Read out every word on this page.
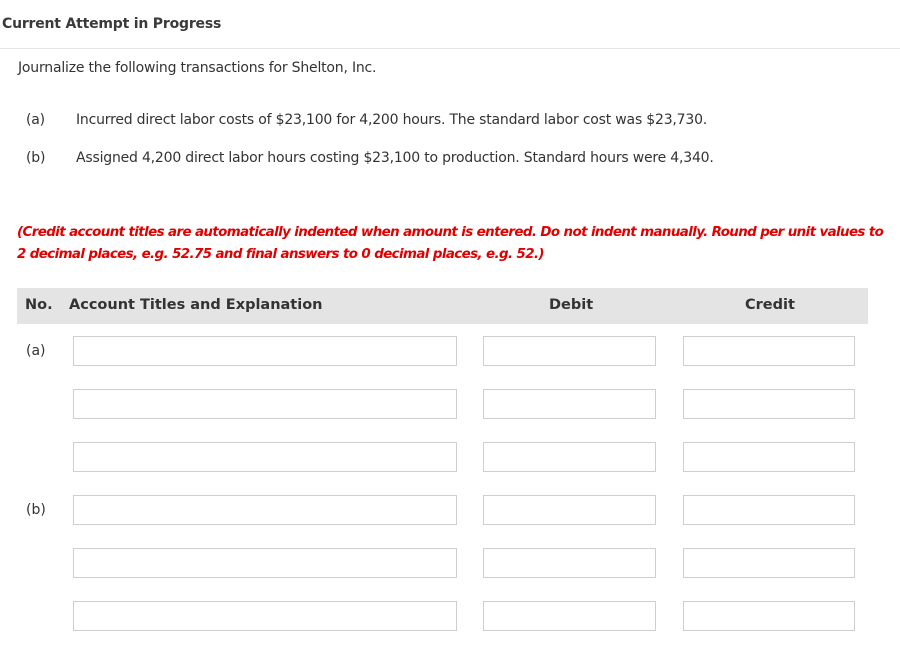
Current Attempt in Progress
Journalize the following transactions for Shelton, Inc.
(a) Incurred direct labor costs of $23,100 for 4,200 hours. The standard labor cost was $23,730.
(b) Assigned 4,200 direct labor hours costing $23,100 to production. Standard hours were 4,340.
(Credit account titles are automatically indented when amount is entered. Do not indent manually. Round per unit values to 2 decimal places, e.g. 52.75 and final answers to 0 decimal places, e.g. 52.)
No. Account Titles and Explanation	Debit	Credit
(a)
(b)
